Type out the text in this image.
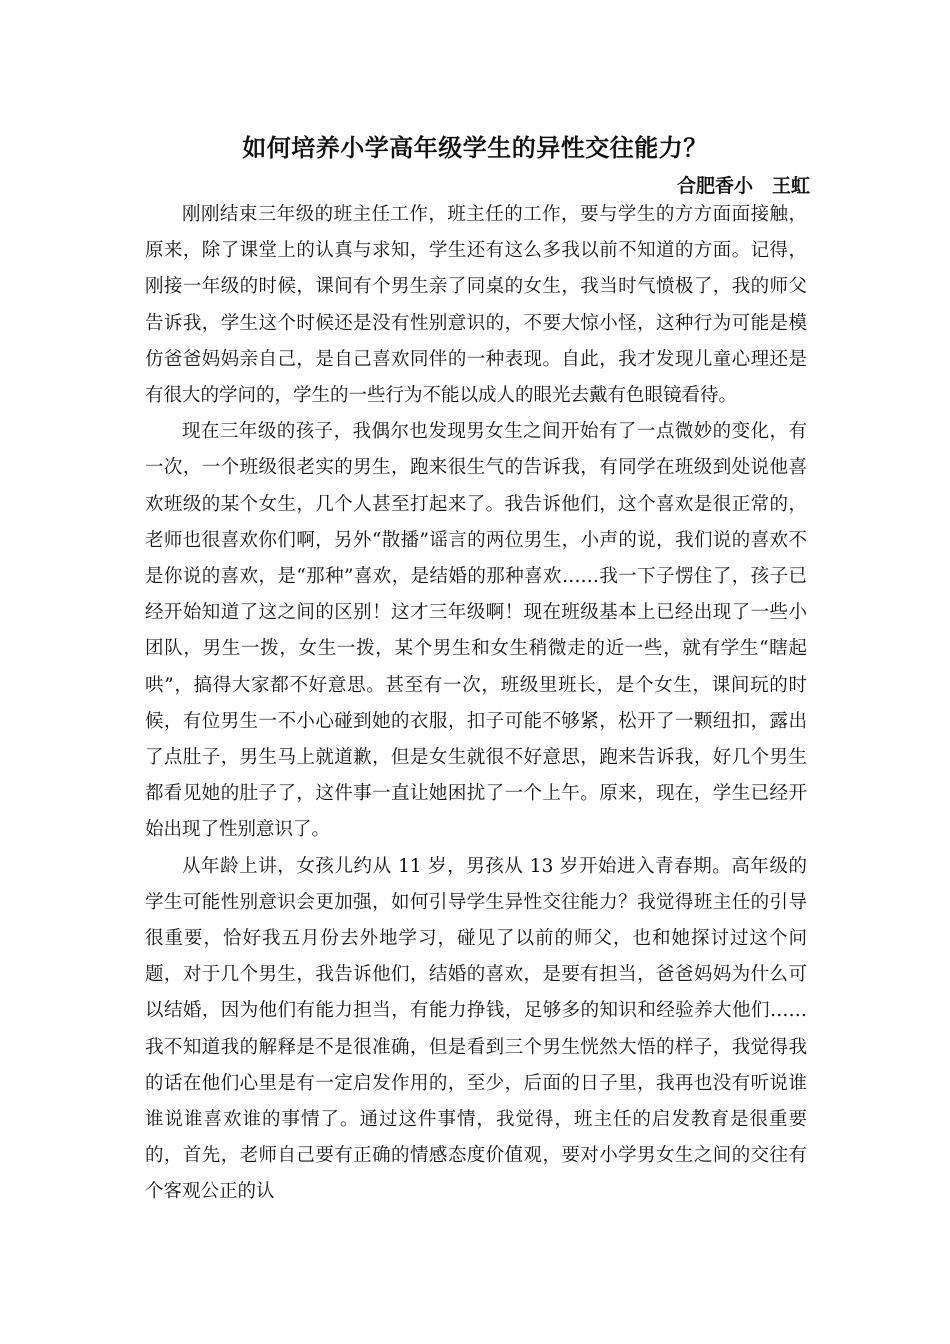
如何培养小学高年级学生的异性交往能力？
合肥香小　王虹

刚刚结束三年级的班主任工作，班主任的工作，要与学生的方方面面接触，原来，除了课堂上的认真与求知，学生还有这么多我以前不知道的方面。记得，刚接一年级的时候，课间有个男生亲了同桌的女生，我当时气愤极了，我的师父告诉我，学生这个时候还是没有性别意识的，不要大惊小怪，这种行为可能是模仿爸爸妈妈亲自己，是自己喜欢同伴的一种表现。自此，我才发现儿童心理还是有很大的学问的，学生的一些行为不能以成人的眼光去戴有色眼镜看待。

现在三年级的孩子，我偶尔也发现男女生之间开始有了一点微妙的变化，有一次，一个班级很老实的男生，跑来很生气的告诉我，有同学在班级到处说他喜欢班级的某个女生，几个人甚至打起来了。我告诉他们，这个喜欢是很正常的，老师也很喜欢你们啊，另外“散播”谣言的两位男生，小声的说，我们说的喜欢不是你说的喜欢，是“那种”喜欢，是结婚的那种喜欢……我一下子愣住了，孩子已经开始知道了这之间的区别！这才三年级啊！现在班级基本上已经出现了一些小团队，男生一拨，女生一拨，某个男生和女生稍微走的近一些，就有学生“瞎起哄”，搞得大家都不好意思。甚至有一次，班级里班长，是个女生，课间玩的时候，有位男生一不小心碰到她的衣服，扣子可能不够紧，松开了一颗纽扣，露出了点肚子，男生马上就道歉，但是女生就很不好意思，跑来告诉我，好几个男生都看见她的肚子了，这件事一直让她困扰了一个上午。原来，现在，学生已经开始出现了性别意识了。

从年龄上讲，女孩儿约从 11 岁，男孩从 13 岁开始进入青春期。高年级的学生可能性别意识会更加强，如何引导学生异性交往能力？我觉得班主任的引导很重要，恰好我五月份去外地学习，碰见了以前的师父，也和她探讨过这个问题，对于几个男生，我告诉他们，结婚的喜欢，是要有担当，爸爸妈妈为什么可以结婚，因为他们有能力担当，有能力挣钱，足够多的知识和经验养大他们……我不知道我的解释是不是很准确，但是看到三个男生恍然大悟的样子，我觉得我的话在他们心里是有一定启发作用的，至少，后面的日子里，我再也没有听说谁谁说谁喜欢谁的事情了。通过这件事情，我觉得，班主任的启发教育是很重要的，首先，老师自己要有正确的情感态度价值观，要对小学男女生之间的交往有个客观公正的认
